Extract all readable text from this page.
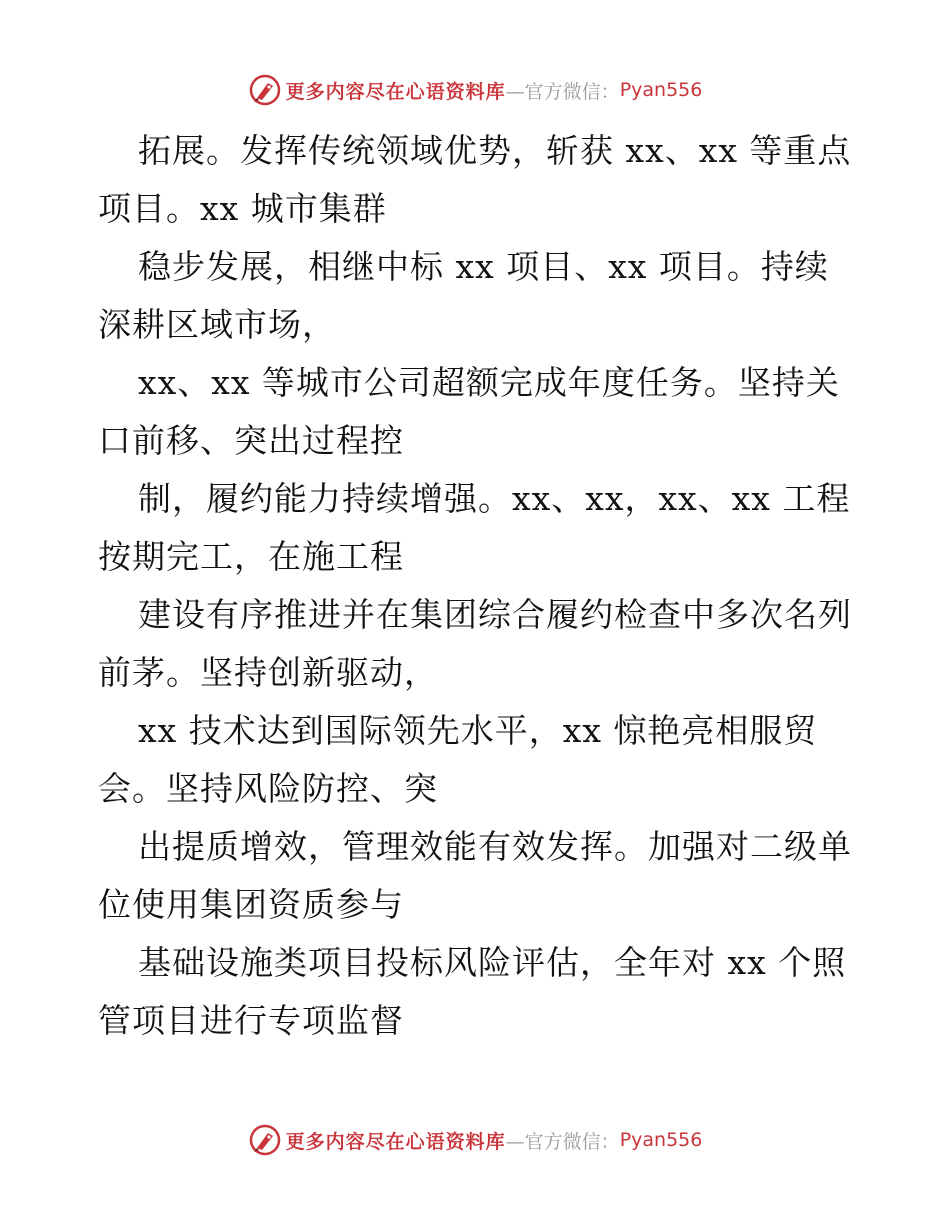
更多内容尽在心语资料库 —官方微信： Pyan556

拓展。发挥传统领域优势，斩获 xx、xx 等重点
项目。xx 城市集群

稳步发展，相继中标 xx 项目、xx 项目。持续
深耕区域市场，

xx、xx 等城市公司超额完成年度任务。坚持关
口前移、突出过程控

制，履约能力持续增强。xx、xx，xx、xx 工程
按期完工，在施工程

建设有序推进并在集团综合履约检查中多次名列
前茅。坚持创新驱动，

xx 技术达到国际领先水平，xx 惊艳亮相服贸
会。坚持风险防控、突

出提质增效，管理效能有效发挥。加强对二级单
位使用集团资质参与

基础设施类项目投标风险评估，全年对 xx 个照
管项目进行专项监督

更多内容尽在心语资料库 —官方微信： Pyan556
